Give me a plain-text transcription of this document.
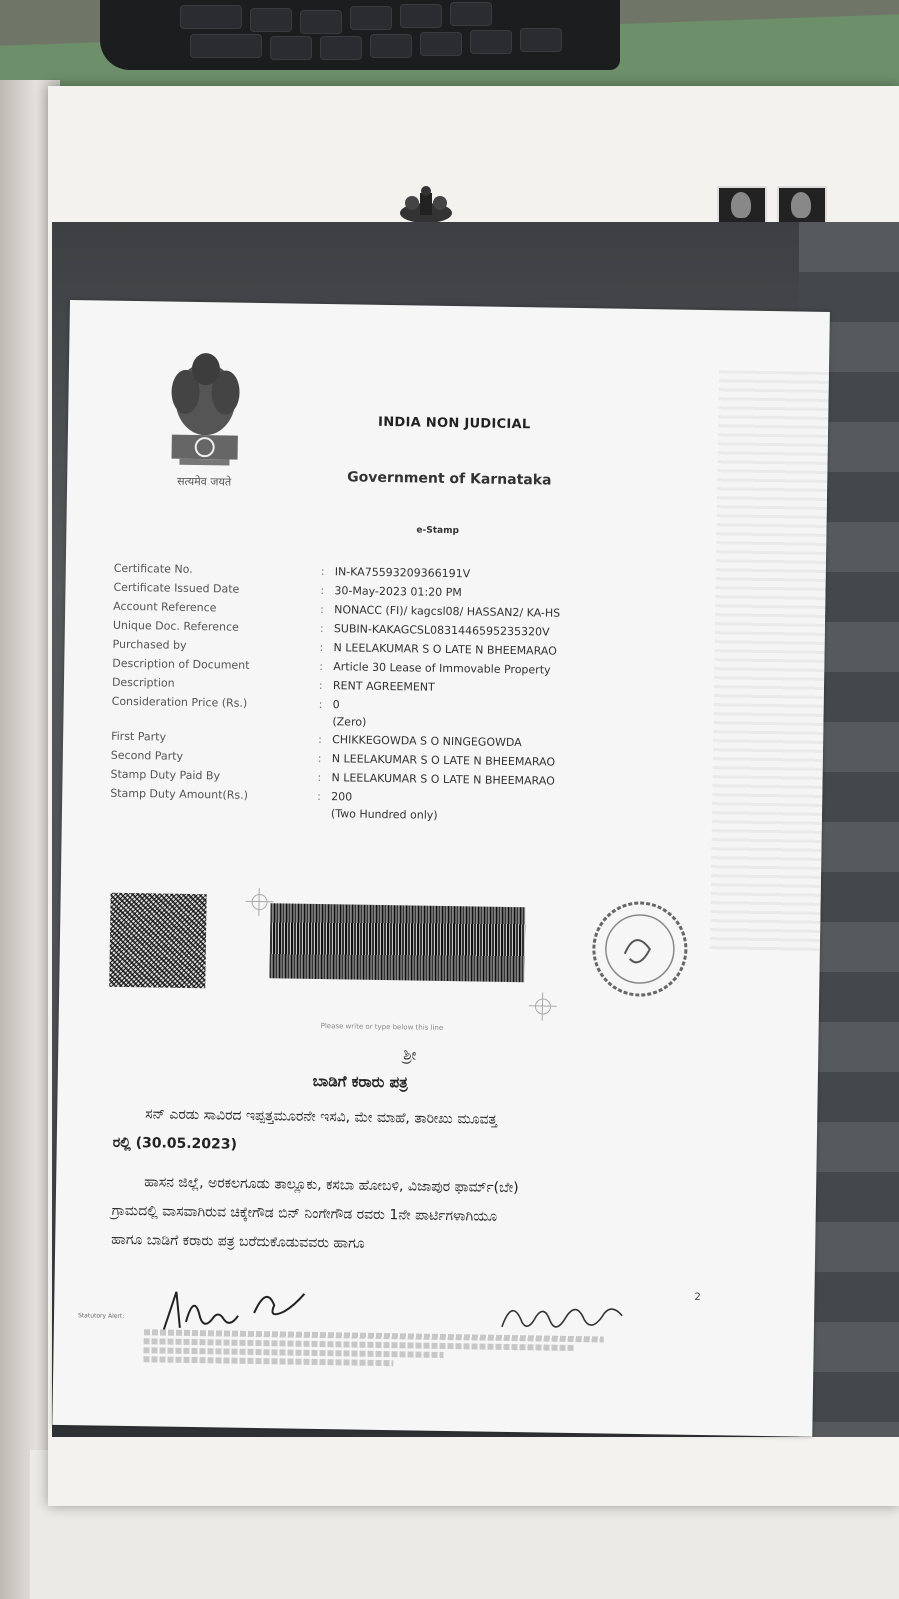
सत्यमेव जयते
INDIA NON JUDICIAL
Government of Karnataka
e-Stamp
Certificate No.
Certificate Issued Date
Account Reference
Unique Doc. Reference
Purchased by
Description of Document
Description
Consideration Price (Rs.)
First Party
Second Party
Stamp Duty Paid By
Stamp Duty Amount(Rs.)
: IN-KA75593209366191V
: 30-May-2023 01:20 PM
: NONACC (FI)/ kagcsl08/ HASSAN2/ KA-HS
: SUBIN-KAKAGCSL0831446595235320V
: N LEELAKUMAR S O LATE N BHEEMARAO
: Article 30 Lease of Immovable Property
: RENT AGREEMENT
: 0
(Zero)
: CHIKKEGOWDA S O NINGEGOWDA
: N LEELAKUMAR S O LATE N BHEEMARAO
: N LEELAKUMAR S O LATE N BHEEMARAO
: 200
(Two Hundred only)
Please write or type below this line
ಶ್ರೀ
ಬಾಡಿಗೆ ಕರಾರು ಪತ್ರ
ಸನ್ ಎರಡು ಸಾವಿರದ ಇಪ್ಪತ್ತಮೂರನೇ ಇಸವಿ, ಮೇ ಮಾಹೆ, ತಾರೀಖು ಮೂವತ್ತ
ರಲ್ಲಿ (30.05.2023)
ಹಾಸನ ಜಿಲ್ಲೆ, ಅರಕಲಗೂಡು ತಾಲ್ಲೂಕು, ಕಸಬಾ ಹೋಬಳಿ, ವಿಜಾಪುರ ಫಾರ್ಮ್(ಬೇ)
ಗ್ರಾಮದಲ್ಲಿ ವಾಸವಾಗಿರುವ ಚಿಕ್ಕೇಗೌಡ ಬಿನ್ ನಿಂಗೇಗೌಡ ರವರು 1ನೇ ಪಾರ್ಟಿಗಳಾಗಿಯೂ
ಹಾಗೂ ಬಾಡಿಗೆ ಕರಾರು ಪತ್ರ ಬರೆದುಕೊಡುವವರು ಹಾಗೂ
2
Statutory Alert:
